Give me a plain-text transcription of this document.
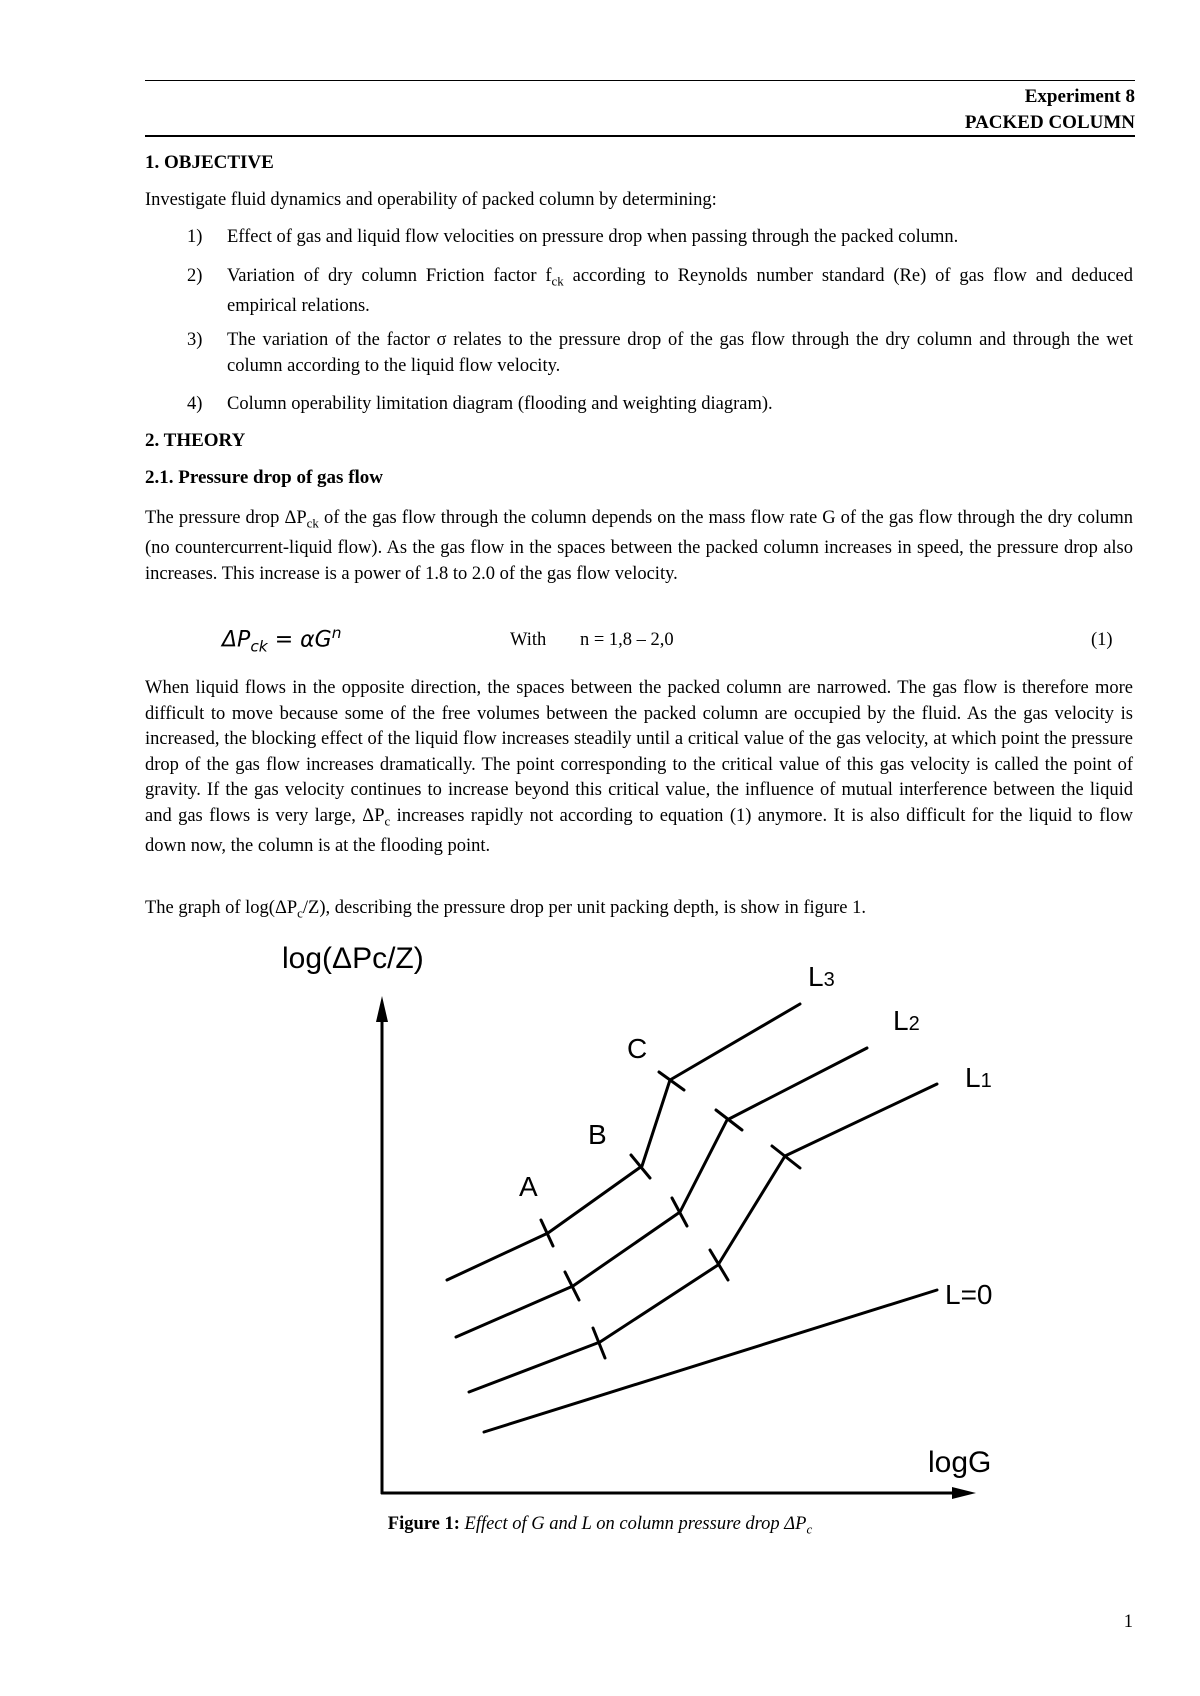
Experiment 8
PACKED COLUMN
1. OBJECTIVE
Investigate fluid dynamics and operability of packed column by determining:
1) Effect of gas and liquid flow velocities on pressure drop when passing through the packed column.
2) Variation of dry column Friction factor $f_{ck}$ according to Reynolds number standard (Re) of gas flow and deduced empirical relations.
3) The variation of the factor σ relates to the pressure drop of the gas flow through the dry column and through the wet column according to the liquid flow velocity.
4) Column operability limitation diagram (flooding and weighting diagram).
2. THEORY
2.1. Pressure drop of gas flow
The pressure drop $\Delta P_{ck}$ of the gas flow through the column depends on the mass flow rate G of the gas flow through the dry column (no countercurrent-liquid flow). As the gas flow in the spaces between the packed column increases in speed, the pressure drop also increases. This increase is a power of 1.8 to 2.0 of the gas flow velocity.
$\Delta P_{ck} = \alpha G^n$	With n = 1,8 – 2,0	(1)
When liquid flows in the opposite direction, the spaces between the packed column are narrowed. The gas flow is therefore more difficult to move because some of the free volumes between the packed column are occupied by the fluid. As the gas velocity is increased, the blocking effect of the liquid flow increases steadily until a critical value of the gas velocity, at which point the pressure drop of the gas flow increases dramatically. The point corresponding to the critical value of this gas velocity is called the point of gravity. If the gas velocity continues to increase beyond this critical value, the influence of mutual interference between the liquid and gas flows is very large, $\Delta P_c$ increases rapidly not according to equation (1) anymore. It is also difficult for the liquid to flow down now, the column is at the flooding point.
The graph of $\log(\Delta P_c/Z)$, describing the pressure drop per unit packing depth, is show in figure 1.
log(ΔPc/Z)
logG
L3
L2
L1
L=0
A
B
C
Figure 1: Effect of G and L on column pressure drop $\Delta P_c$
1
